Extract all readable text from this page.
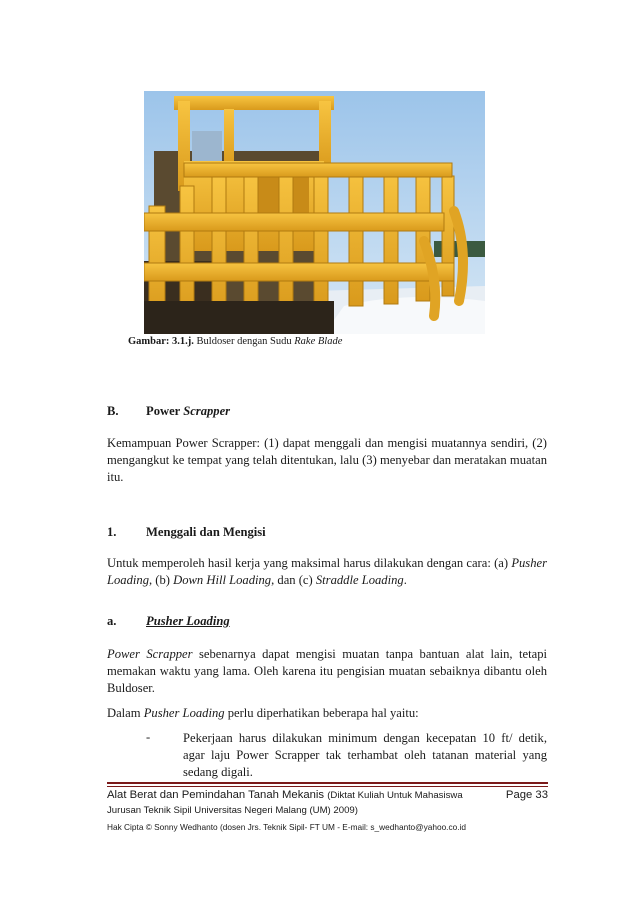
Gambar: 3.1.j. Buldoser dengan Sudu Rake Blade
B. Power Scrapper
Kemampuan Power Scrapper: (1) dapat menggali dan mengisi muatannya sendiri, (2) mengangkut ke tempat yang telah ditentukan, lalu (3) menyebar dan meratakan muatan itu.
1. Menggali dan Mengisi
Untuk memperoleh hasil kerja yang maksimal harus dilakukan dengan cara: (a) Pusher Loading, (b) Down Hill Loading, dan (c) Straddle Loading.
a. Pusher Loading
Power Scrapper sebenarnya dapat mengisi muatan tanpa bantuan alat lain, tetapi memakan waktu yang lama. Oleh karena itu pengisian muatan sebaiknya dibantu oleh Buldoser.
Dalam Pusher Loading perlu diperhatikan beberapa hal yaitu:
-	Pekerjaan harus dilakukan minimum dengan kecepatan 10 ft/ detik, agar laju Power Scrapper tak terhambat oleh tatanan material yang sedang digali.
Alat Berat dan Pemindahan Tanah Mekanis (Diktat Kuliah Untuk Mahasiswa	Page 33
Jurusan Teknik Sipil Universitas Negeri Malang (UM) 2009)
Hak Cipta © Sonny Wedhanto (dosen Jrs. Teknik Sipil- FT UM - E-mail: s_wedhanto@yahoo.co.id
